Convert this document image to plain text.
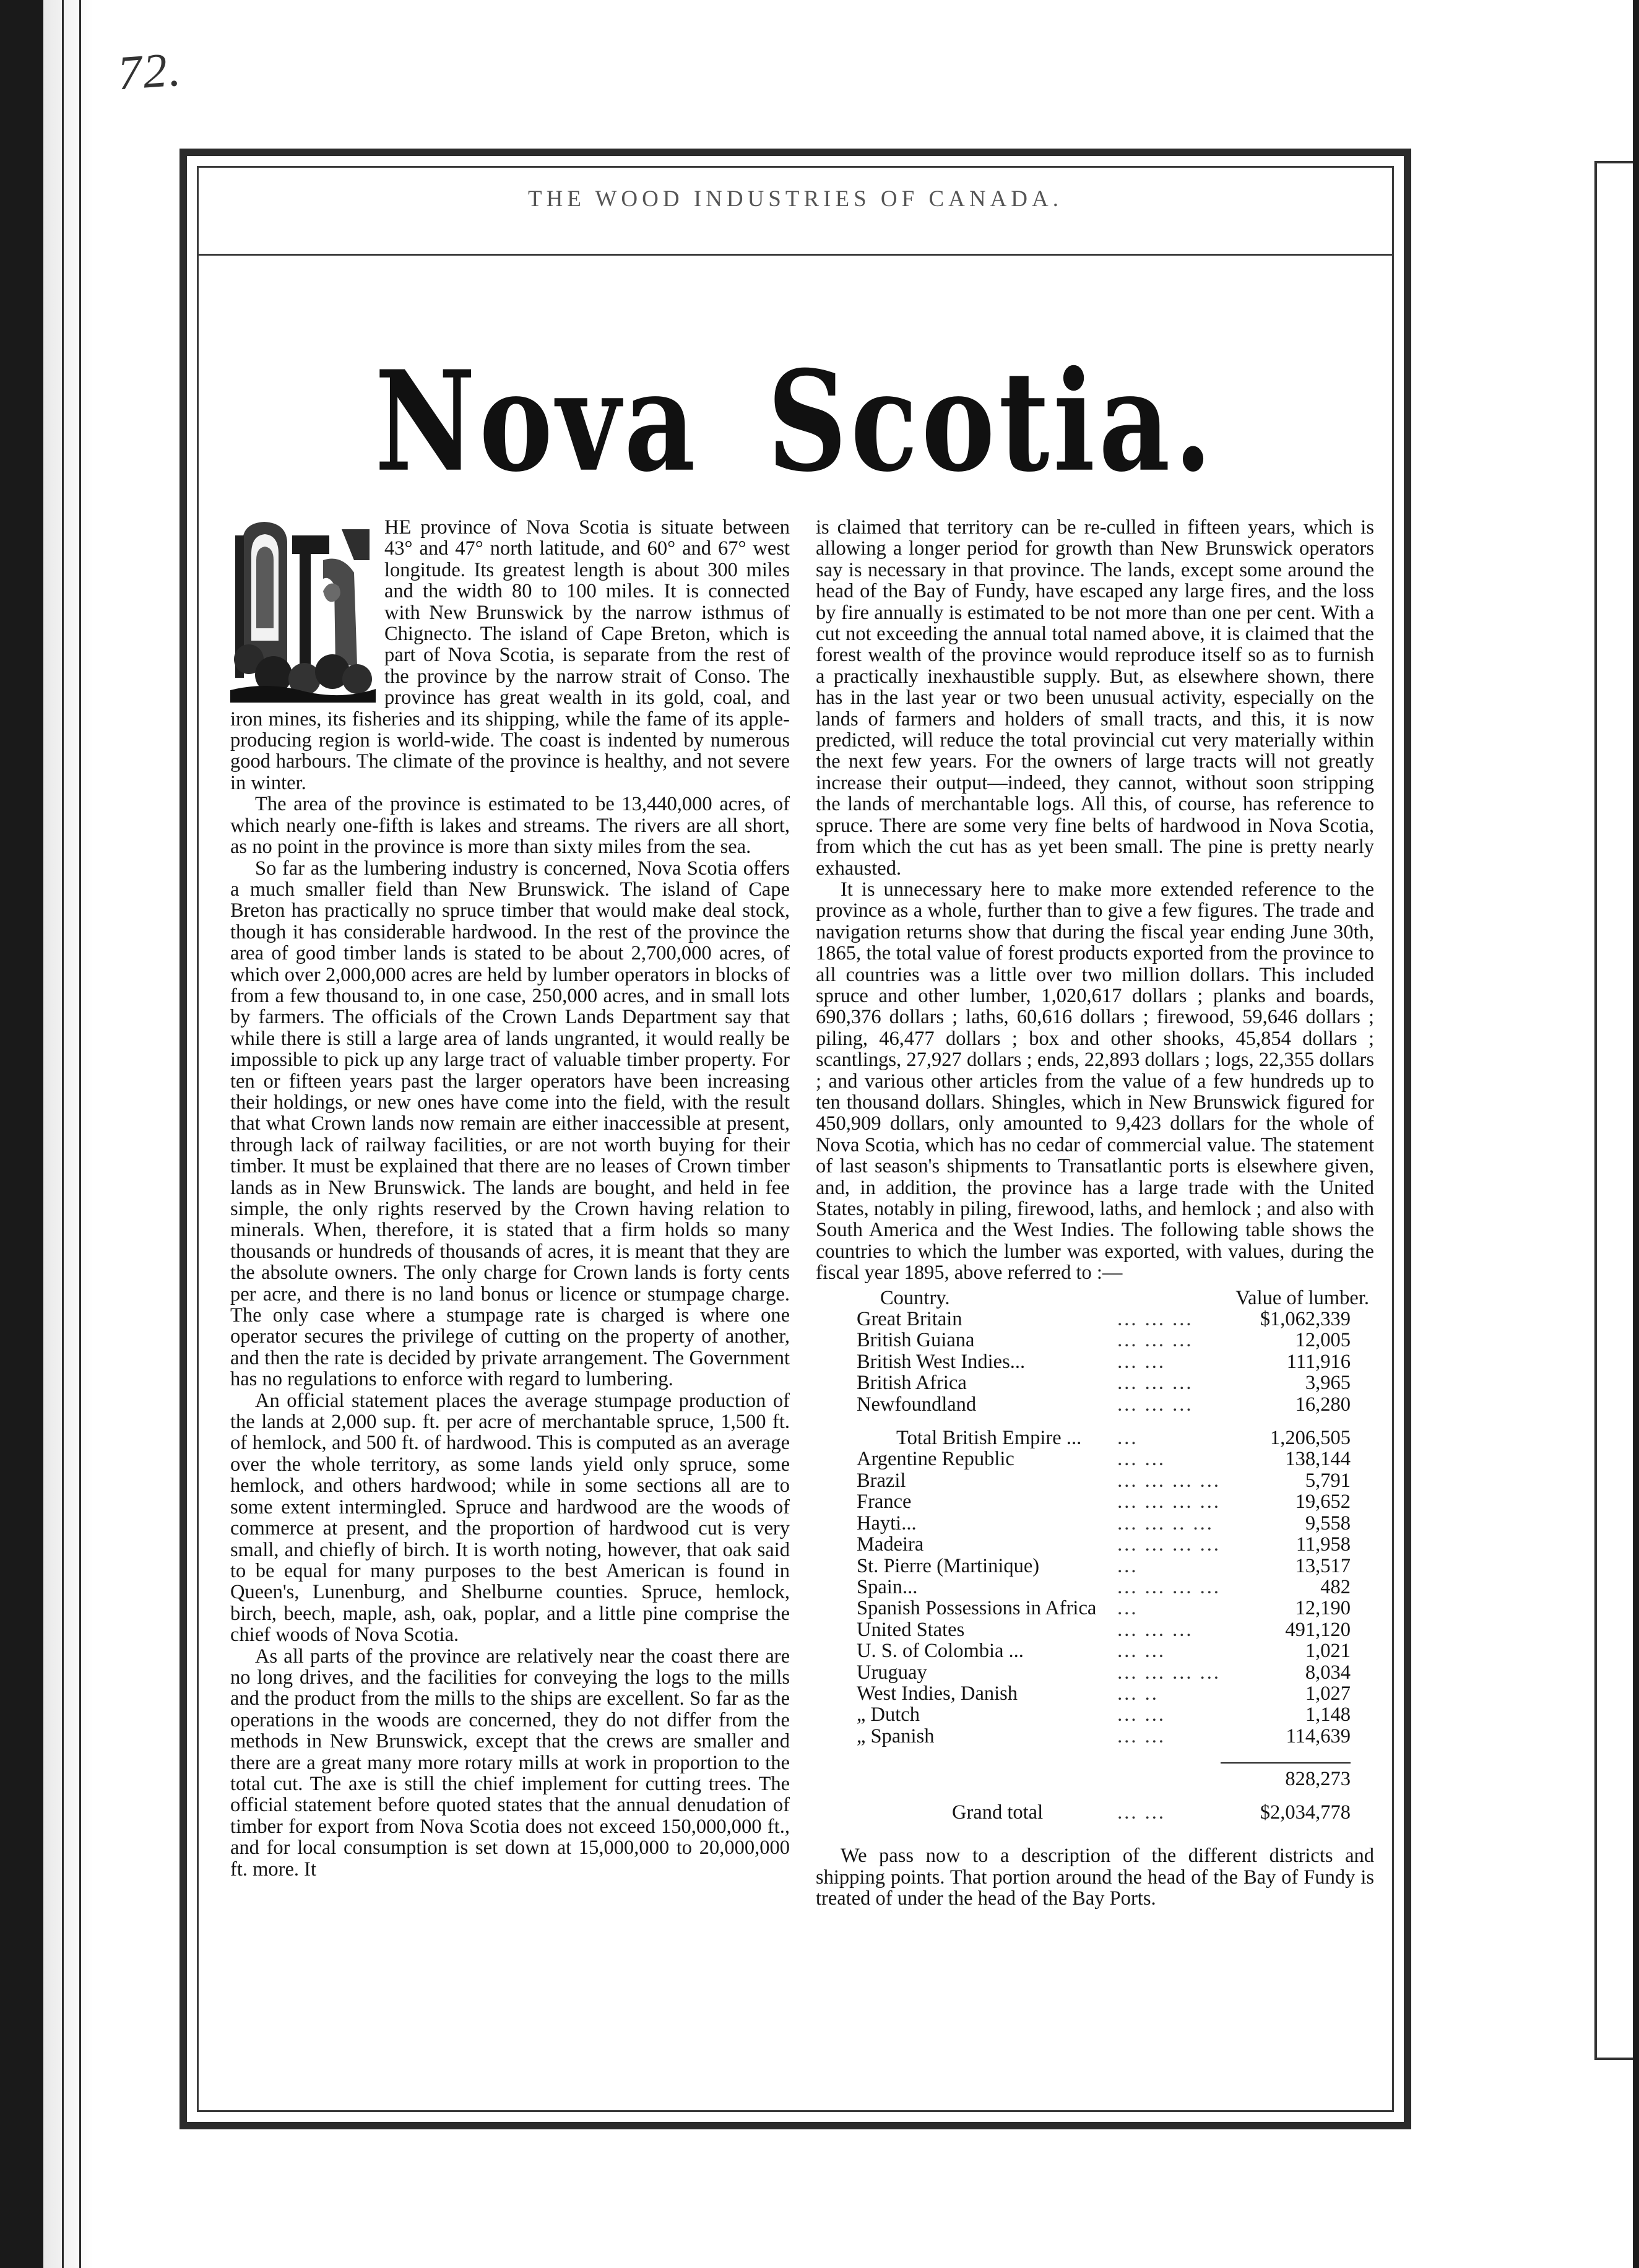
72.
THE WOOD INDUSTRIES OF CANADA.
Nova Scotia.

HE province of Nova Scotia is situate between 43° and 47° north latitude, and 60° and 67° west longitude. Its greatest length is about 300 miles and the width 80 to 100 miles. It is connected with New Brunswick by the narrow isthmus of Chignecto. The island of Cape Breton, which is part of Nova Scotia, is separate from the rest of the province by the narrow strait of Conso. The province has great wealth in its gold, coal, and iron mines, its fisheries and its shipping, while the fame of its apple-producing region is world-wide. The coast is indented by numerous good harbours. The climate of the province is healthy, and not severe in winter.

The area of the province is estimated to be 13,440,000 acres, of which nearly one-fifth is lakes and streams. The rivers are all short, as no point in the province is more than sixty miles from the sea.

So far as the lumbering industry is concerned, Nova Scotia offers a much smaller field than New Brunswick. The island of Cape Breton has practically no spruce timber that would make deal stock, though it has considerable hardwood. In the rest of the province the area of good timber lands is stated to be about 2,700,000 acres, of which over 2,000,000 acres are held by lumber operators in blocks of from a few thousand to, in one case, 250,000 acres, and in small lots by farmers. The officials of the Crown Lands Department say that while there is still a large area of lands ungranted, it would really be impossible to pick up any large tract of valuable timber property. For ten or fifteen years past the larger operators have been increasing their holdings, or new ones have come into the field, with the result that what Crown lands now remain are either inaccessible at present, through lack of railway facilities, or are not worth buying for their timber. It must be explained that there are no leases of Crown timber lands as in New Brunswick. The lands are bought, and held in fee simple, the only rights reserved by the Crown having relation to minerals. When, therefore, it is stated that a firm holds so many thousands or hundreds of thousands of acres, it is meant that they are the absolute owners. The only charge for Crown lands is forty cents per acre, and there is no land bonus or licence or stumpage charge. The only case where a stumpage rate is charged is where one operator secures the privilege of cutting on the property of another, and then the rate is decided by private arrangement. The Government has no regulations to enforce with regard to lumbering.

An official statement places the average stumpage production of the lands at 2,000 sup. ft. per acre of merchantable spruce, 1,500 ft. of hemlock, and 500 ft. of hardwood. This is computed as an average over the whole territory, as some lands yield only spruce, some hemlock, and others hardwood; while in some sections all are to some extent intermingled. Spruce and hardwood are the woods of commerce at present, and the proportion of hardwood cut is very small, and chiefly of birch. It is worth noting, however, that oak said to be equal for many purposes to the best American is found in Queen's, Lunenburg, and Shelburne counties. Spruce, hemlock, birch, beech, maple, ash, oak, poplar, and a little pine comprise the chief woods of Nova Scotia.

As all parts of the province are relatively near the coast there are no long drives, and the facilities for conveying the logs to the mills and the product from the mills to the ships are excellent. So far as the operations in the woods are concerned, they do not differ from the methods in New Brunswick, except that the crews are smaller and there are a great many more rotary mills at work in proportion to the total cut. The axe is still the chief implement for cutting trees. The official statement before quoted states that the annual denudation of timber for export from Nova Scotia does not exceed 150,000,000 ft., and for local consumption is set down at 15,000,000 to 20,000,000 ft. more. It

is claimed that territory can be re-culled in fifteen years, which is allowing a longer period for growth than New Brunswick operators say is necessary in that province. The lands, except some around the head of the Bay of Fundy, have escaped any large fires, and the loss by fire annually is estimated to be not more than one per cent. With a cut not exceeding the annual total named above, it is claimed that the forest wealth of the province would reproduce itself so as to furnish a practically inexhaustible supply. But, as elsewhere shown, there has in the last year or two been unusual activity, especially on the lands of farmers and holders of small tracts, and this, it is now predicted, will reduce the total provincial cut very materially within the next few years. For the owners of large tracts will not greatly increase their output—indeed, they cannot, without soon stripping the lands of merchantable logs. All this, of course, has reference to spruce. There are some very fine belts of hardwood in Nova Scotia, from which the cut has as yet been small. The pine is pretty nearly exhausted.

It is unnecessary here to make more extended reference to the province as a whole, further than to give a few figures. The trade and navigation returns show that during the fiscal year ending June 30th, 1865, the total value of forest products exported from the province to all countries was a little over two million dollars. This included spruce and other lumber, 1,020,617 dollars ; planks and boards, 690,376 dollars ; laths, 60,616 dollars ; firewood, 59,646 dollars ; piling, 46,477 dollars ; box and other shooks, 45,854 dollars ; scantlings, 27,927 dollars ; ends, 22,893 dollars ; logs, 22,355 dollars ; and various other articles from the value of a few hundreds up to ten thousand dollars. Shingles, which in New Brunswick figured for 450,909 dollars, only amounted to 9,423 dollars for the whole of Nova Scotia, which has no cedar of commercial value. The statement of last season's shipments to Transatlantic ports is elsewhere given, and, in addition, the province has a large trade with the United States, notably in piling, firewood, laths, and hemlock ; and also with South America and the West Indies. The following table shows the countries to which the lumber was exported, with values, during the fiscal year 1895, above referred to :—

Country.		Value of lumber.
Great Britain	... ... ...	$1,062,339
British Guiana	... ... ...	12,005
British West Indies...	... ...	111,916
British Africa	... ... ...	3,965
Newfoundland	... ... ...	16,280

Total British Empire ...	...	1,206,505
Argentine Republic	... ...	138,144
Brazil	... ... ... ...	5,791
France	... ... ... ...	19,652
Hayti...	... ... .. ...	9,558
Madeira	... ... ... ...	11,958
St. Pierre (Martinique)	...	13,517
Spain...	... ... ... ...	482
Spanish Possessions in Africa	...	12,190
United States	... ... ...	491,120
U. S. of Colombia ...	... ...	1,021
Uruguay	... ... ... ...	8,034
West Indies, Danish	... ..	1,027
„ Dutch	... ...	1,148
„ Spanish	... ...	114,639

		828,273

Grand total	... ...	$2,034,778

We pass now to a description of the different districts and shipping points. That portion around the head of the Bay of Fundy is treated of under the head of the Bay Ports.
